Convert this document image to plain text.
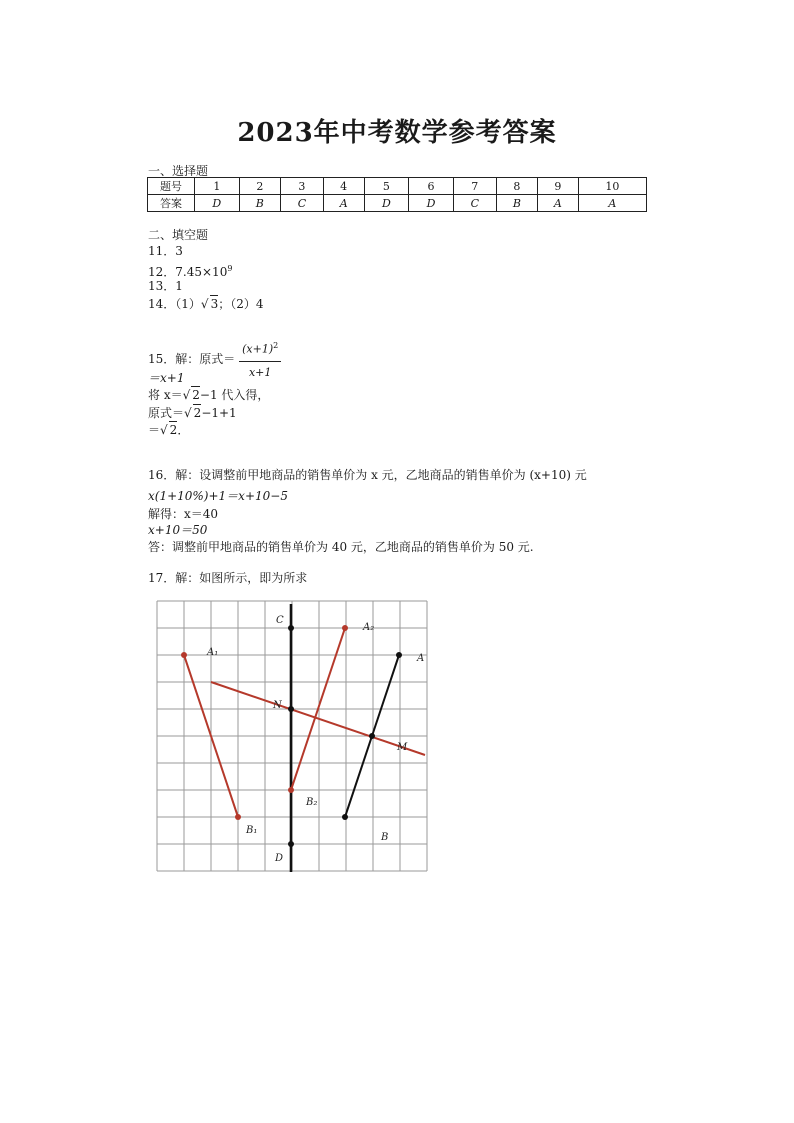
2023年中考数学参考答案
一、选择题
题号	1	2	3	4	5	6	7	8	9	10
答案	D	B	C	A	D	D	C	B	A	A
二、填空题
11．3
12．$7.45\times 10^9$
13．1
14．（1）√ 3；（2）4
15．解：原式＝ $\frac{(x+1)^2}{x+1}$
＝x+1
将 x＝√ 2−1 代入得，
原式＝√ 2−1+1
＝√ 2．
16．解：设调整前甲地商品的销售单价为 x 元，乙地商品的销售单价为 (x+10) 元
x(1+10%)+1＝x+10−5
解得：x＝40
x+10＝50
答：调整前甲地商品的销售单价为 40 元，乙地商品的销售单价为 50 元.
17．解：如图所示，即为所求
C
A₂
A
A₁
N
M
B₂
B₁
B
D
